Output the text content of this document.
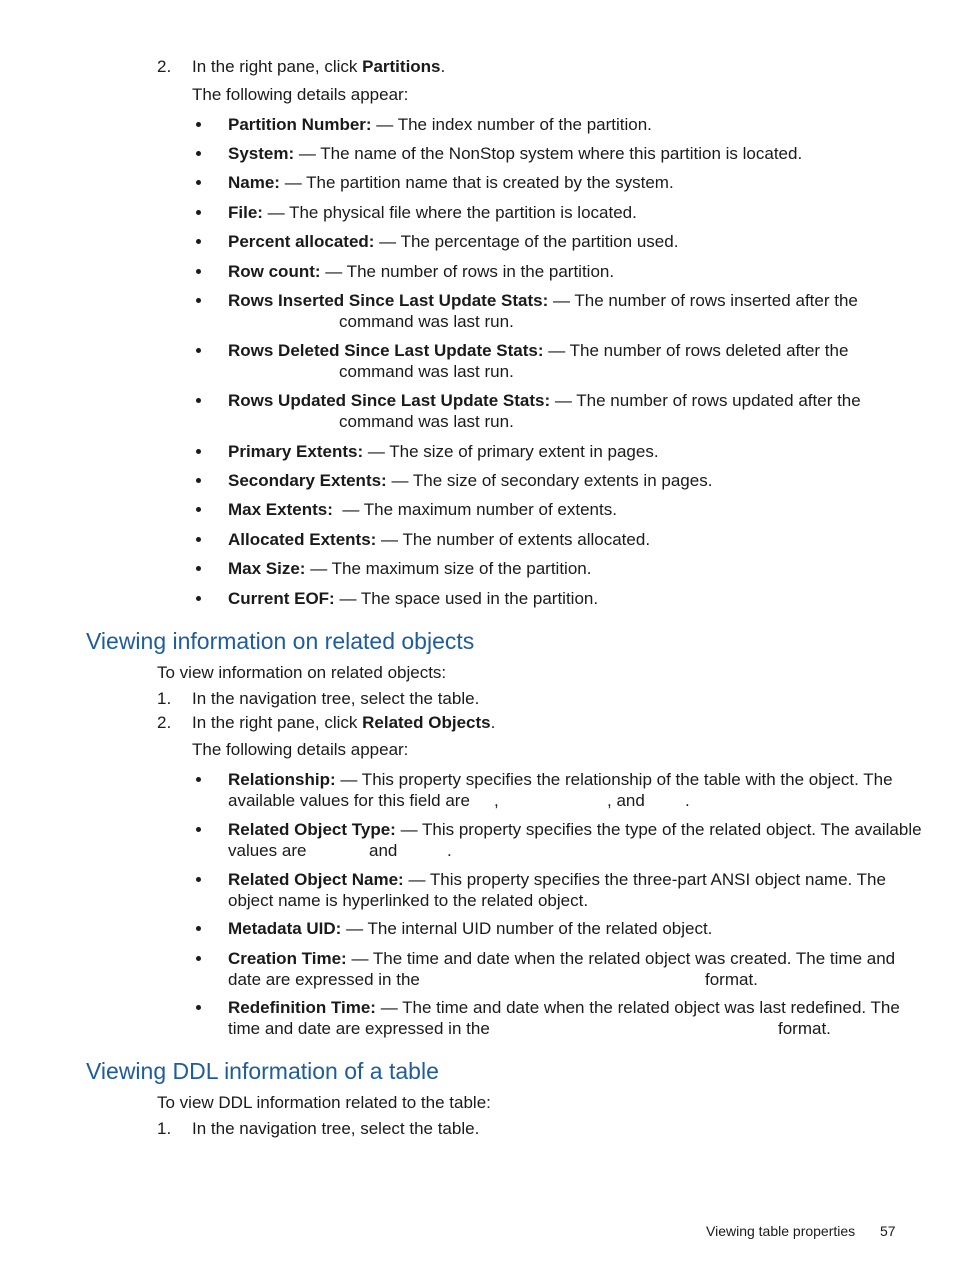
2. In the right pane, click Partitions.
The following details appear:
Partition Number: — The index number of the partition.
System: — The name of the NonStop system where this partition is located.
Name: — The partition name that is created by the system.
File: — The physical file where the partition is located.
Percent allocated: — The percentage of the partition used.
Row count: — The number of rows in the partition.
Rows Inserted Since Last Update Stats: — The number of rows inserted after the
command was last run.
Rows Deleted Since Last Update Stats: — The number of rows deleted after the
command was last run.
Rows Updated Since Last Update Stats: — The number of rows updated after the
command was last run.
Primary Extents: — The size of primary extent in pages.
Secondary Extents: — The size of secondary extents in pages.
Max Extents:  — The maximum number of extents.
Allocated Extents: — The number of extents allocated.
Max Size: — The maximum size of the partition.
Current EOF: — The space used in the partition.
Viewing information on related objects
To view information on related objects:
1. In the navigation tree, select the table.
2. In the right pane, click Related Objects.
The following details appear:
Relationship: — This property specifies the relationship of the table with the object. The
available values for this field are ,	, and .
Related Object Type: — This property specifies the type of the related object. The available
values are	and	.
Related Object Name: — This property specifies the three-part ANSI object name. The
object name is hyperlinked to the related object.
Metadata UID: — The internal UID number of the related object.
Creation Time: — The time and date when the related object was created. The time and
date are expressed in the	format.
Redefinition Time: — The time and date when the related object was last redefined. The
time and date are expressed in the	format.
Viewing DDL information of a table
To view DDL information related to the table:
1. In the navigation tree, select the table.
Viewing table properties 57
